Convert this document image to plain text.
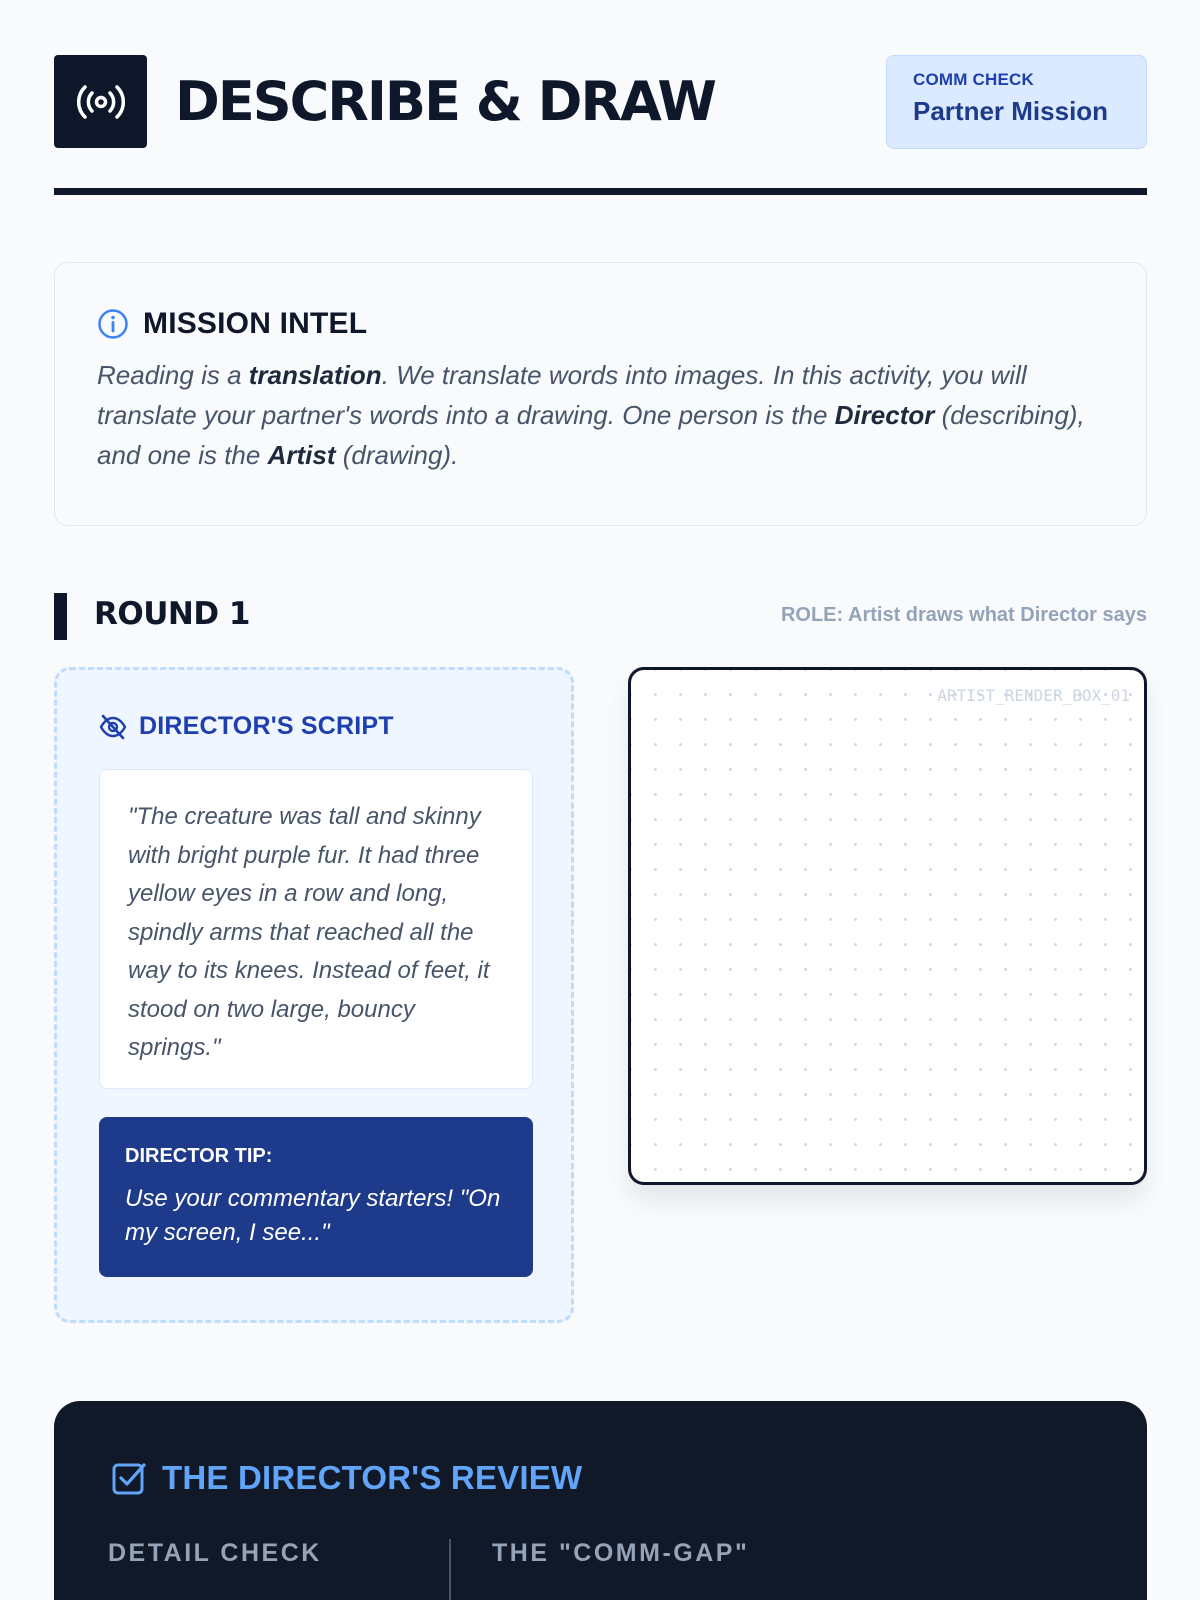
DESCRIBE & DRAW	COMM CHECK
Partner Mission
MISSION INTEL

Reading is a translation. We translate words into images. In this activity, you will translate your partner's words into a drawing. One person is the Director (describing), and one is the Artist (drawing).

ROUND 1	ROLE: Artist draws what Director says
DIRECTOR'S SCRIPT
"The creature was tall and skinny with bright purple fur. It had three yellow eyes in a row and long, spindly arms that reached all the way to its knees. Instead of feet, it stood on two large, bouncy springs."
DIRECTOR TIP:
Use your commentary starters! "On my screen, I see..."
ARTIST_RENDER_BOX_01
THE DIRECTOR'S REVIEW
DETAIL CHECK	THE "COMM-GAP"
